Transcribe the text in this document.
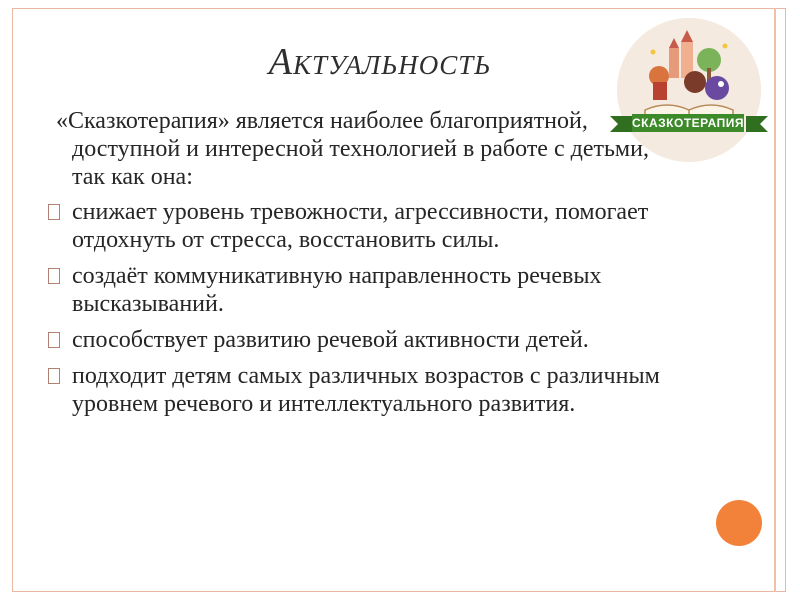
Актуальность
СКАЗКОТЕРАПИЯ

«Сказкотерапия» является наиболее благоприятной, доступной и интересной технологией в работе с детьми, так как она:

снижает уровень тревожности, агрессивности, помогает отдохнуть от стресса, восстановить силы.

создаёт коммуникативную направленность речевых высказываний.

способствует развитию речевой активности детей.

подходит детям самых различных возрастов с различным уровнем речевого и интеллектуального развития.
